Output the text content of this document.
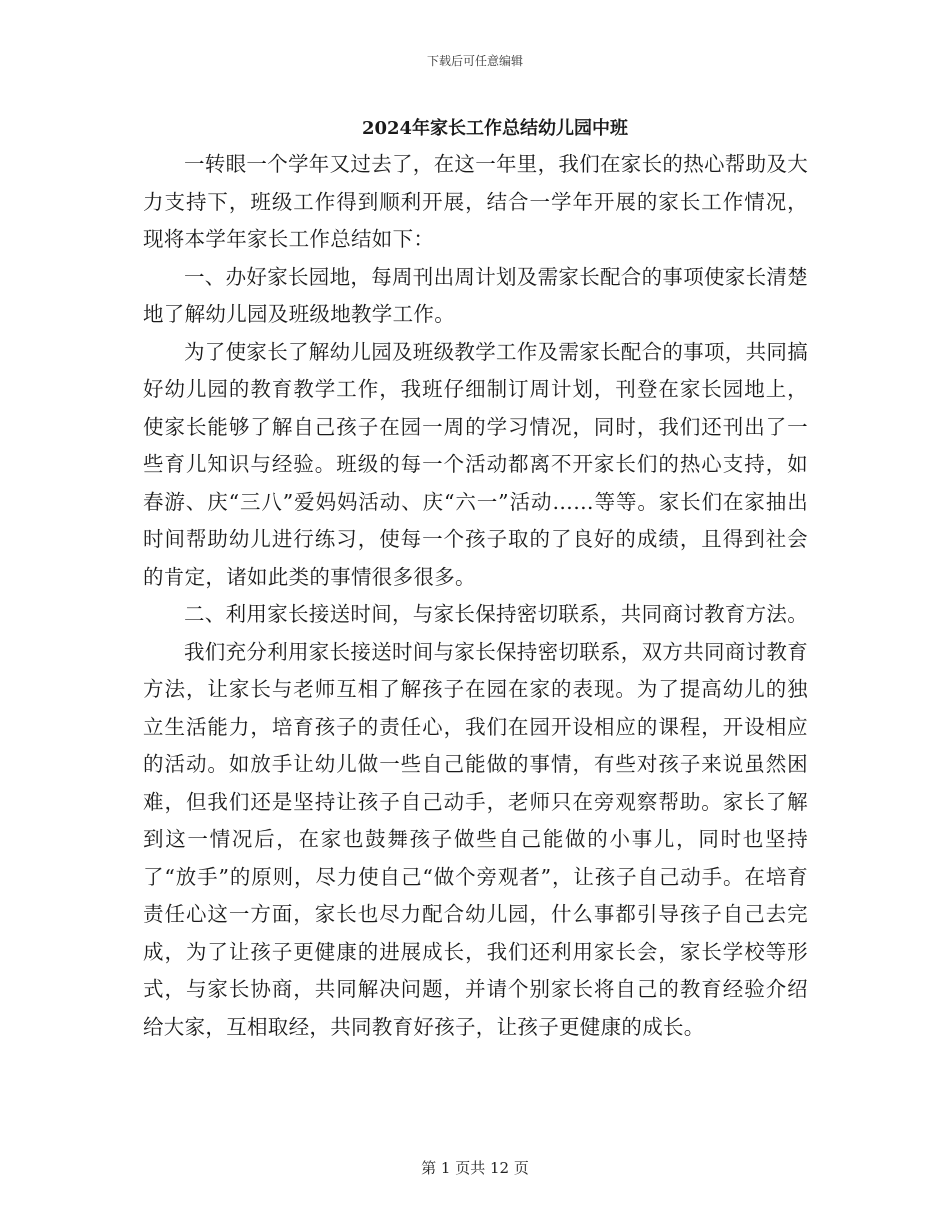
下载后可任意编辑
2024年家长工作总结幼儿园中班

一转眼一个学年又过去了，在这一年里，我们在家长的热心帮助及大力支持下，班级工作得到顺利开展，结合一学年开展的家长工作情况，现将本学年家长工作总结如下：

一、办好家长园地，每周刊出周计划及需家长配合的事项使家长清楚地了解幼儿园及班级地教学工作。

为了使家长了解幼儿园及班级教学工作及需家长配合的事项，共同搞好幼儿园的教育教学工作，我班仔细制订周计划，刊登在家长园地上，使家长能够了解自己孩子在园一周的学习情况，同时，我们还刊出了一些育儿知识与经验。班级的每一个活动都离不开家长们的热心支持，如春游、庆“三八”爱妈妈活动、庆“六一”活动……等等。家长们在家抽出时间帮助幼儿进行练习，使每一个孩子取的了良好的成绩，且得到社会的肯定，诸如此类的事情很多很多。

二、利用家长接送时间，与家长保持密切联系，共同商讨教育方法。

我们充分利用家长接送时间与家长保持密切联系，双方共同商讨教育方法，让家长与老师互相了解孩子在园在家的表现。为了提高幼儿的独立生活能力，培育孩子的责任心，我们在园开设相应的课程，开设相应的活动。如放手让幼儿做一些自己能做的事情，有些对孩子来说虽然困难，但我们还是坚持让孩子自己动手，老师只在旁观察帮助。家长了解到这一情况后，在家也鼓舞孩子做些自己能做的小事儿，同时也坚持了“放手”的原则，尽力使自己“做个旁观者”，让孩子自己动手。在培育责任心这一方面，家长也尽力配合幼儿园，什么事都引导孩子自己去完成，为了让孩子更健康的进展成长，我们还利用家长会，家长学校等形式，与家长协商，共同解决问题，并请个别家长将自己的教育经验介绍给大家，互相取经，共同教育好孩子，让孩子更健康的成长。

第 1 页共 12 页
